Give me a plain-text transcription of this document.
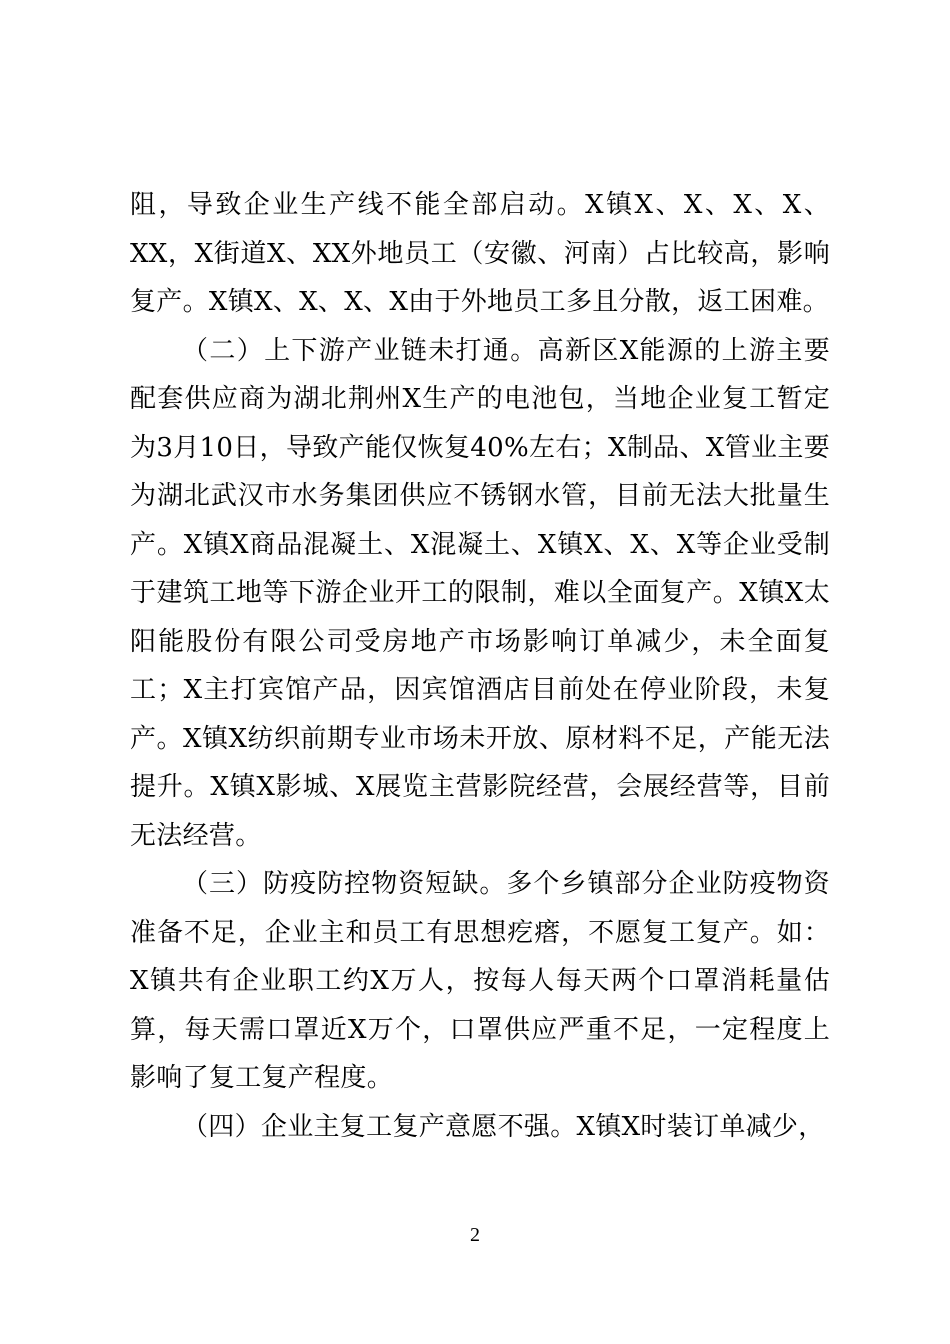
阻，导致企业生产线不能全部启动。X镇X、X、X、X、XX，X街道X、XX外地员工（安徽、河南）占比较高，影响复产。X镇X、X、X、X由于外地员工多且分散，返工困难。

（二）上下游产业链未打通。高新区X能源的上游主要配套供应商为湖北荆州X生产的电池包，当地企业复工暂定为3月10日，导致产能仅恢复40%左右；X制品、X管业主要为湖北武汉市水务集团供应不锈钢水管，目前无法大批量生产。X镇X商品混凝土、X混凝土、X镇X、X、X等企业受制于建筑工地等下游企业开工的限制，难以全面复产。X镇X太阳能股份有限公司受房地产市场影响订单减少，未全面复工；X主打宾馆产品，因宾馆酒店目前处在停业阶段，未复产。X镇X纺织前期专业市场未开放、原材料不足，产能无法提升。X镇X影城、X展览主营影院经营，会展经营等，目前无法经营。

（三）防疫防控物资短缺。多个乡镇部分企业防疫物资准备不足，企业主和员工有思想疙瘩，不愿复工复产。如：X镇共有企业职工约X万人，按每人每天两个口罩消耗量估算，每天需口罩近X万个，口罩供应严重不足，一定程度上影响了复工复产程度。

（四）企业主复工复产意愿不强。X镇X时装订单减少，

2
